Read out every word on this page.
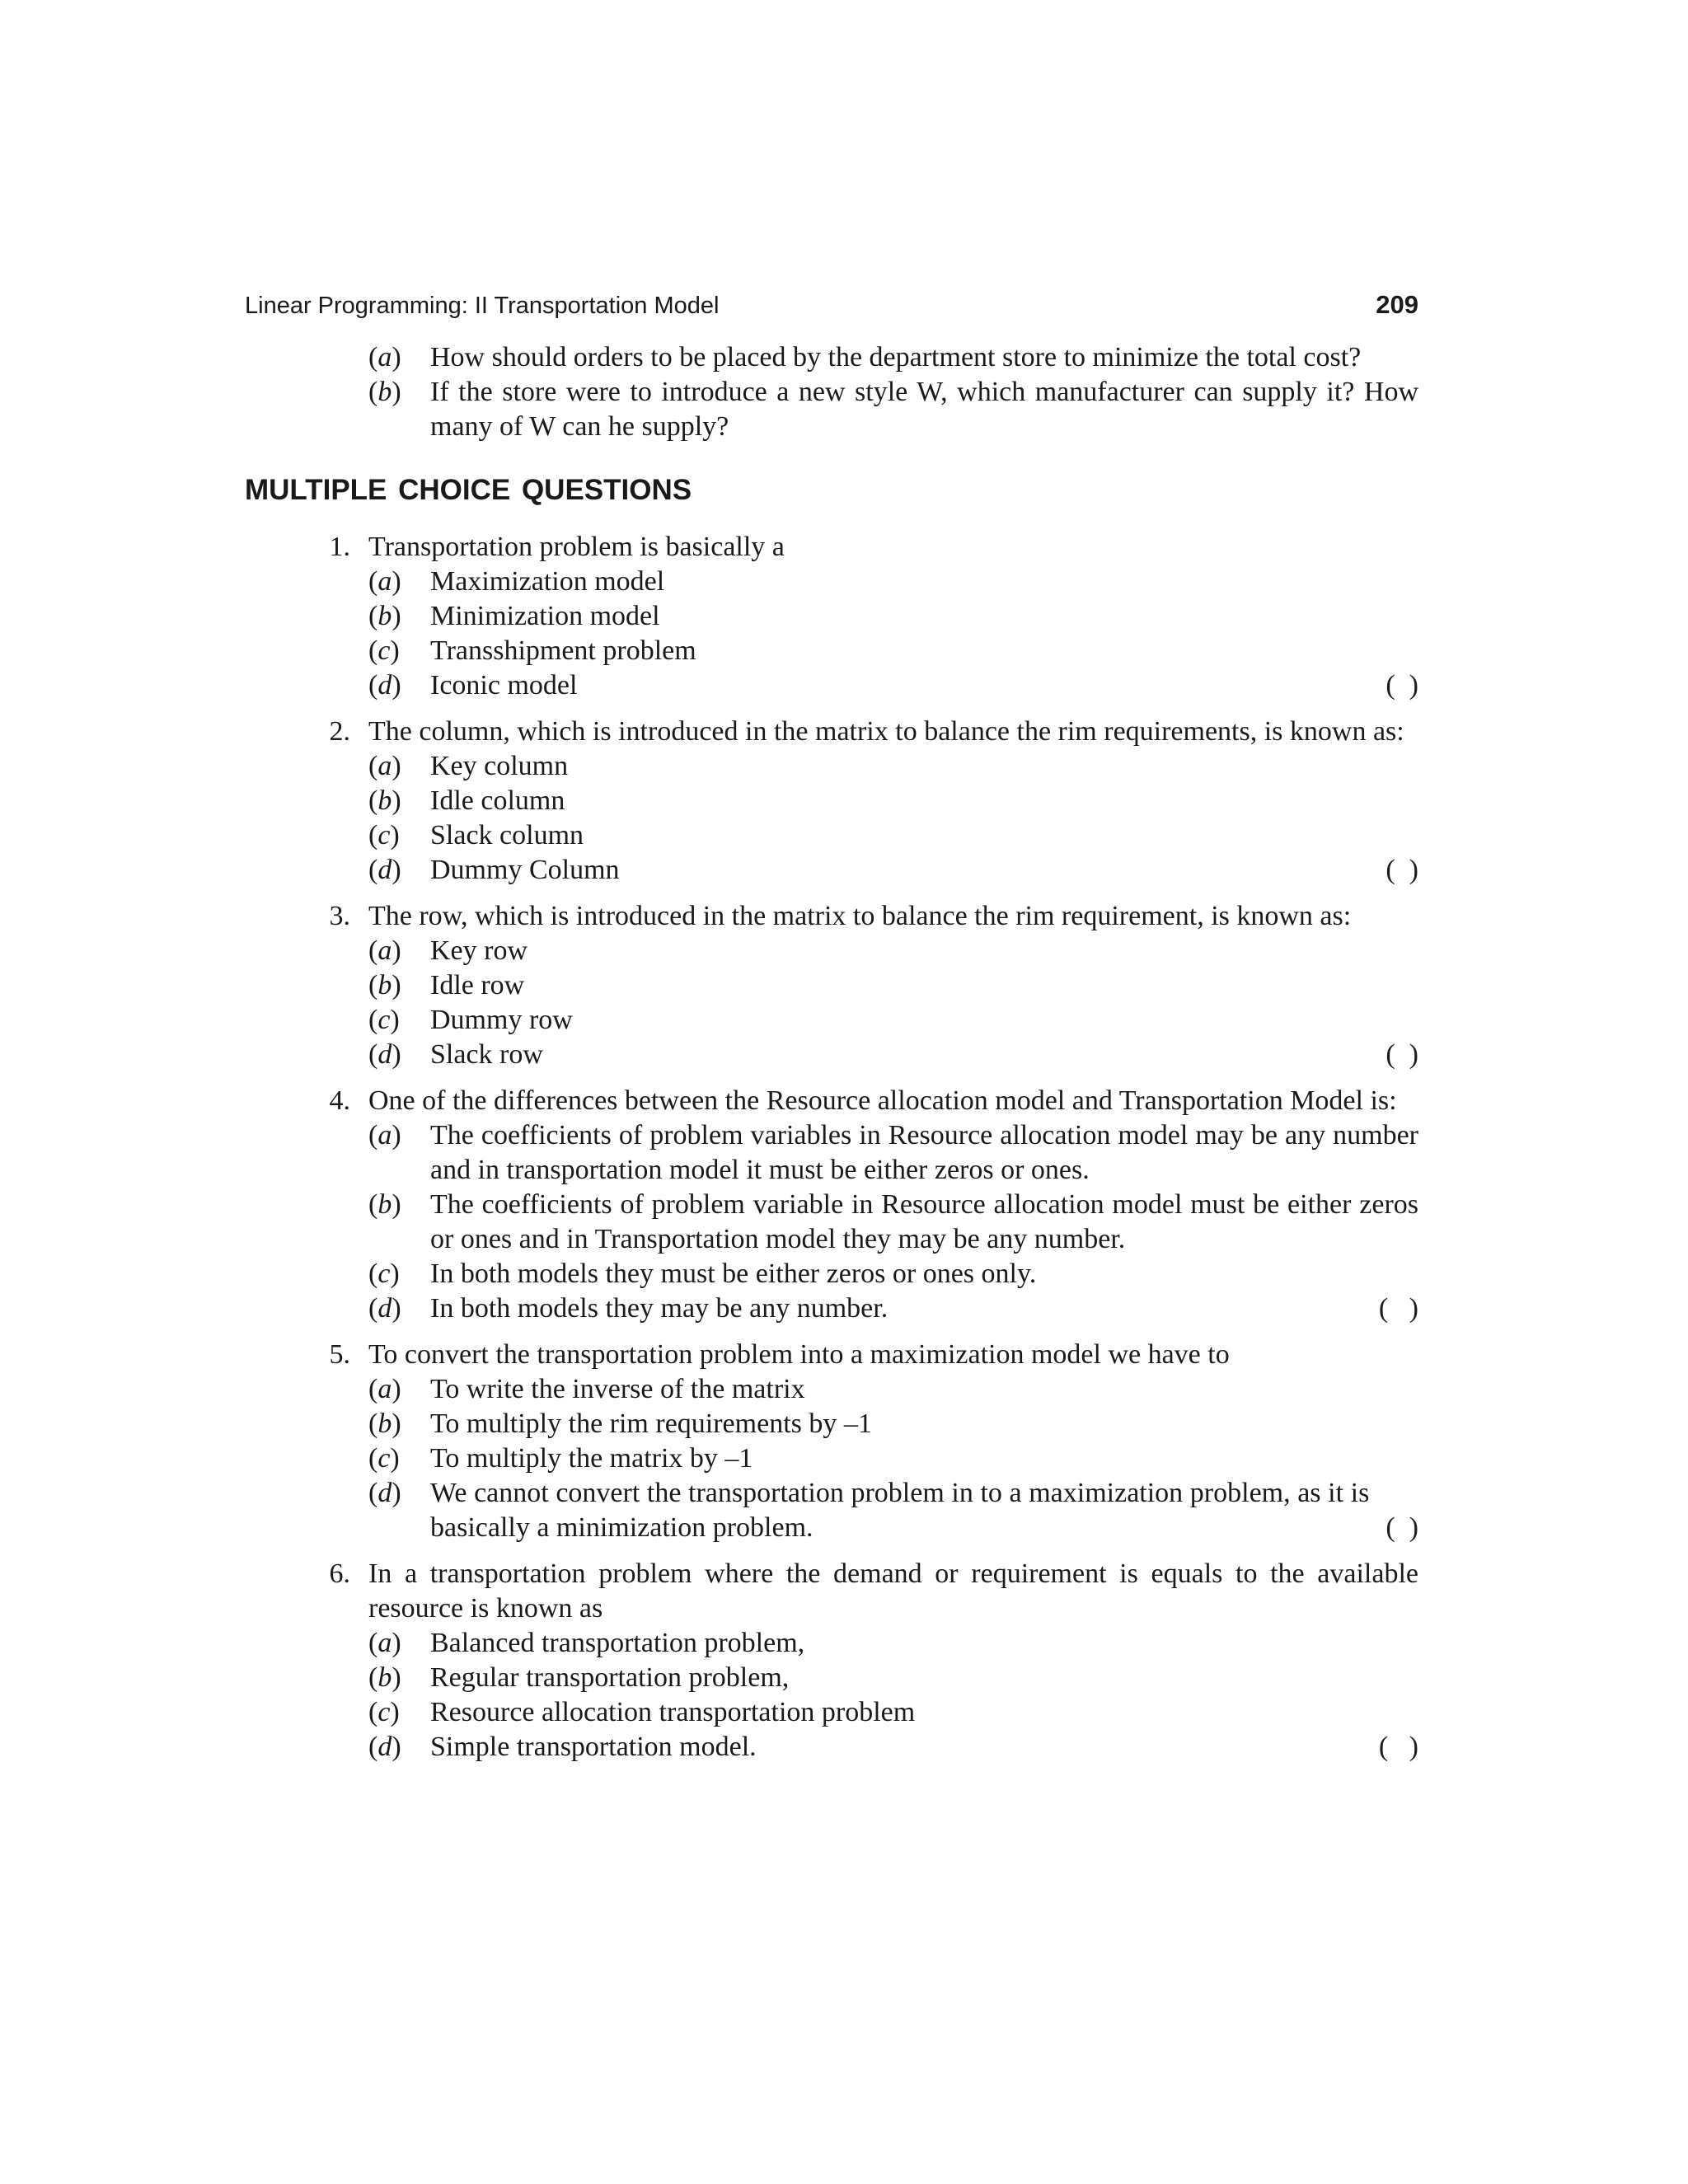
Linear Programming: II Transportation Model	209
(a)	How should orders to be placed by the department store to minimize the total cost?
(b)	If the store were to introduce a new style W, which manufacturer can supply it? How many of W can he supply?
MULTIPLE CHOICE QUESTIONS
1. Transportation problem is basically a
(a)	Maximization model
(b)	Minimization model
(c)	Transshipment problem
(d)	Iconic model	(  )
2. The column, which is introduced in the matrix to balance the rim requirements, is known as:
(a)	Key column
(b)	Idle column
(c)	Slack column
(d)	Dummy Column	(  )
3. The row, which is introduced in the matrix to balance the rim requirement, is known as:
(a)	Key row
(b)	Idle row
(c)	Dummy row
(d)	Slack row	(  )
4. One of the differences between the Resource allocation model and Transportation Model is:
(a)	The coefficients of problem variables in Resource allocation model may be any number and in transportation model it must be either zeros or ones.
(b)	The coefficients of problem variable in Resource allocation model must be either zeros or ones and in Transportation model they may be any number.
(c)	In both models they must be either zeros or ones only.
(d)	In both models they may be any number.	(   )
5. To convert the transportation problem into a maximization model we have to
(a)	To write the inverse of the matrix
(b)	To multiply the rim requirements by –1
(c)	To multiply the matrix by –1
(d)	We cannot convert the transportation problem in to a maximization problem, as it is basically a minimization problem.	(  )
6. In a transportation problem where the demand or requirement is equals to the available resource is known as
(a)	Balanced transportation problem,
(b)	Regular transportation problem,
(c)	Resource allocation transportation problem
(d)	Simple transportation model.	(   )
